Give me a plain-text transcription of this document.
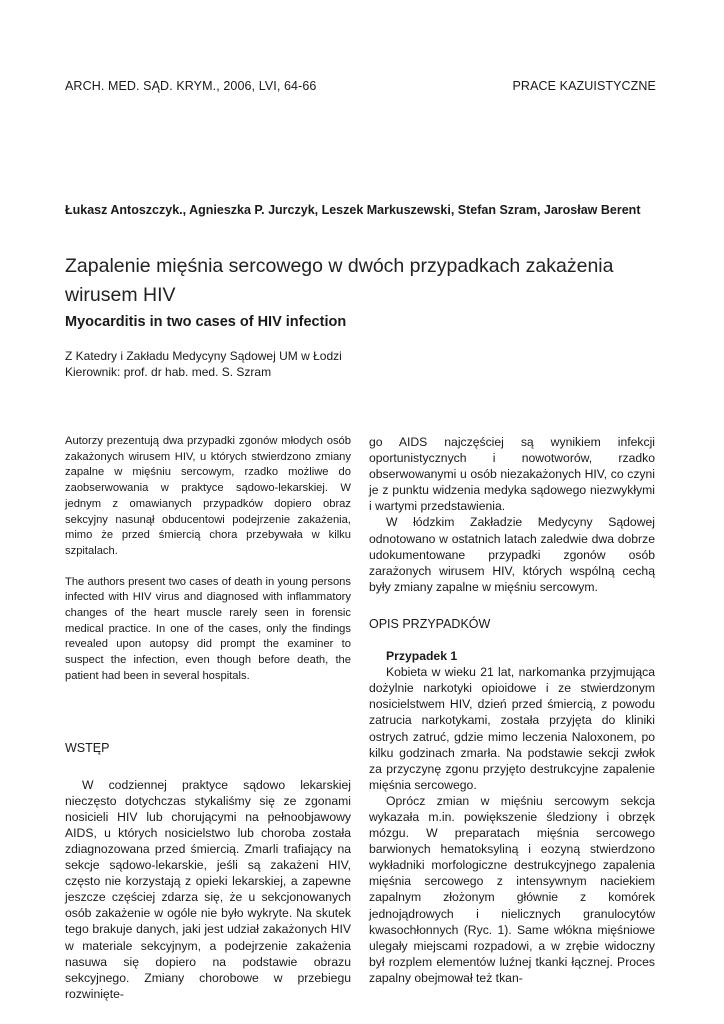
ARCH. MED. SĄD. KRYM., 2006, LVI, 64-66	PRACE KAZUISTYCZNE
Łukasz Antoszczyk., Agnieszka P. Jurczyk, Leszek Markuszewski, Stefan Szram, Jarosław Berent
Zapalenie mięśnia sercowego w dwóch przypadkach zakażenia wirusem HIV
Myocarditis in two cases of HIV infection
Z Katedry i Zakładu Medycyny Sądowej UM w Łodzi
Kierownik: prof. dr hab. med. S. Szram

Autorzy prezentują dwa przypadki zgonów młodych osób zakażonych wirusem HIV, u których stwierdzono zmiany zapalne w mięśniu sercowym, rzadko możliwe do zaobserwowania w praktyce sądowo-lekarskiej. W jednym z omawianych przypadków dopiero obraz sekcyjny nasunął obducentowi podejrzenie zakażenia, mimo że przed śmiercią chora przebywała w kilku szpitalach.

The authors present two cases of death in young persons infected with HIV virus and diagnosed with inflammatory changes of the heart muscle rarely seen in forensic medical practice. In one of the cases, only the findings revealed upon autopsy did prompt the examiner to suspect the infection, even though before death, the patient had been in several hospitals.

WSTĘP

W codziennej praktyce sądowo lekarskiej nieczęsto dotychczas stykaliśmy się ze zgonami nosicieli HIV lub chorującymi na pełnoobjawowy AIDS, u których nosicielstwo lub choroba została zdiagnozowana przed śmiercią. Zmarli trafiający na sekcje sądowo-lekarskie, jeśli są zakażeni HIV, często nie korzystają z opieki lekarskiej, a zapewne jeszcze częściej zdarza się, że u sekcjonowanych osób zakażenie w ogóle nie było wykryte. Na skutek tego brakuje danych, jaki jest udział zakażonych HIV w materiale sekcyjnym, a podejrzenie zakażenia nasuwa się dopiero na podstawie obrazu sekcyjnego. Zmiany chorobowe w przebiegu rozwinięte-

go AIDS najczęściej są wynikiem infekcji oportunistycznych i nowotworów, rzadko obserwowanymi u osób niezakażonych HIV, co czyni je z punktu widzenia medyka sądowego niezwykłymi i wartymi przedstawienia.

W łódzkim Zakładzie Medycyny Sądowej odnotowano w ostatnich latach zaledwie dwa dobrze udokumentowane przypadki zgonów osób zarażonych wirusem HIV, których wspólną cechą były zmiany zapalne w mięśniu sercowym.

OPIS PRZYPADKÓW
Przypadek 1

Kobieta w wieku 21 lat, narkomanka przyjmująca dożylnie narkotyki opioidowe i ze stwierdzonym nosicielstwem HIV, dzień przed śmiercią, z powodu zatrucia narkotykami, została przyjęta do kliniki ostrych zatruć, gdzie mimo leczenia Naloxonem, po kilku godzinach zmarła. Na podstawie sekcji zwłok za przyczynę zgonu przyjęto destrukcyjne zapalenie mięśnia sercowego.

Oprócz zmian w mięśniu sercowym sekcja wykazała m.in. powiększenie śledziony i obrzęk mózgu. W preparatach mięśnia sercowego barwionych hematoksyliną i eozyną stwierdzono wykładniki morfologiczne destrukcyjnego zapalenia mięśnia sercowego z intensywnym naciekiem zapalnym złożonym głównie z komórek jednojądrowych i nielicznych granulocytów kwasochłonnych (Ryc. 1). Same włókna mięśniowe ulegały miejscami rozpadowi, a w zrębie widoczny był rozplem elementów luźnej tkanki łącznej. Proces zapalny obejmował też tkan-
